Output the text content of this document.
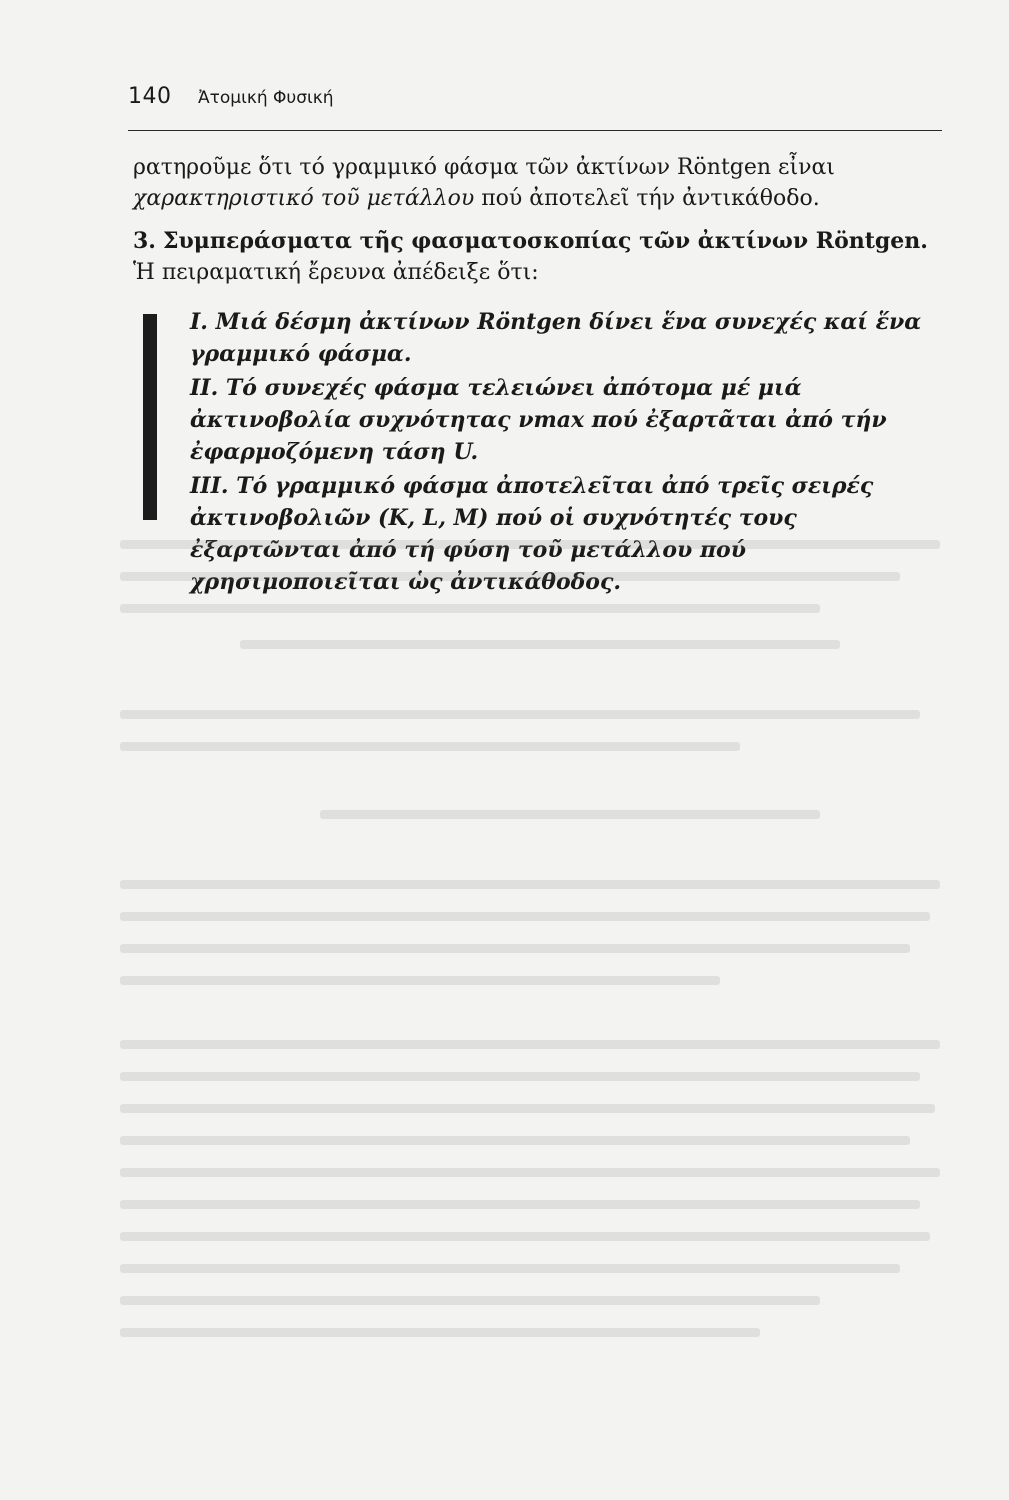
140 Ἀτομική Φυσική

ρατηροῦμε ὅτι τό γραμμικό φάσμα τῶν ἀκτίνων Röntgen εἶναι χαρακτηριστικό τοῦ μετάλλου πού ἀποτελεῖ τήν ἀντικάθοδο.

3. Συμπεράσματα τῆς φασματοσκοπίας τῶν ἀκτίνων Röntgen. Ἡ πειραματική ἔρευνα ἀπέδειξε ὅτι:

I. Μιά δέσμη ἀκτίνων Röntgen δίνει ἕνα συνεχές καί ἕνα γραμμικό φάσμα.

II. Τό συνεχές φάσμα τελειώνει ἀπότομα μέ μιά ἀκτινοβολία συχνότητας νmax πού ἐξαρτᾶται ἀπό τήν ἐφαρμοζόμενη τάση U.

III. Τό γραμμικό φάσμα ἀποτελεῖται ἀπό τρεῖς σειρές ἀκτινοβολιῶν (K, L, M) πού οἱ συχνότητές τους ἐξαρτῶνται ἀπό τή φύση τοῦ μετάλλου πού χρησιμοποιεῖται ὡς ἀντικάθοδος.
